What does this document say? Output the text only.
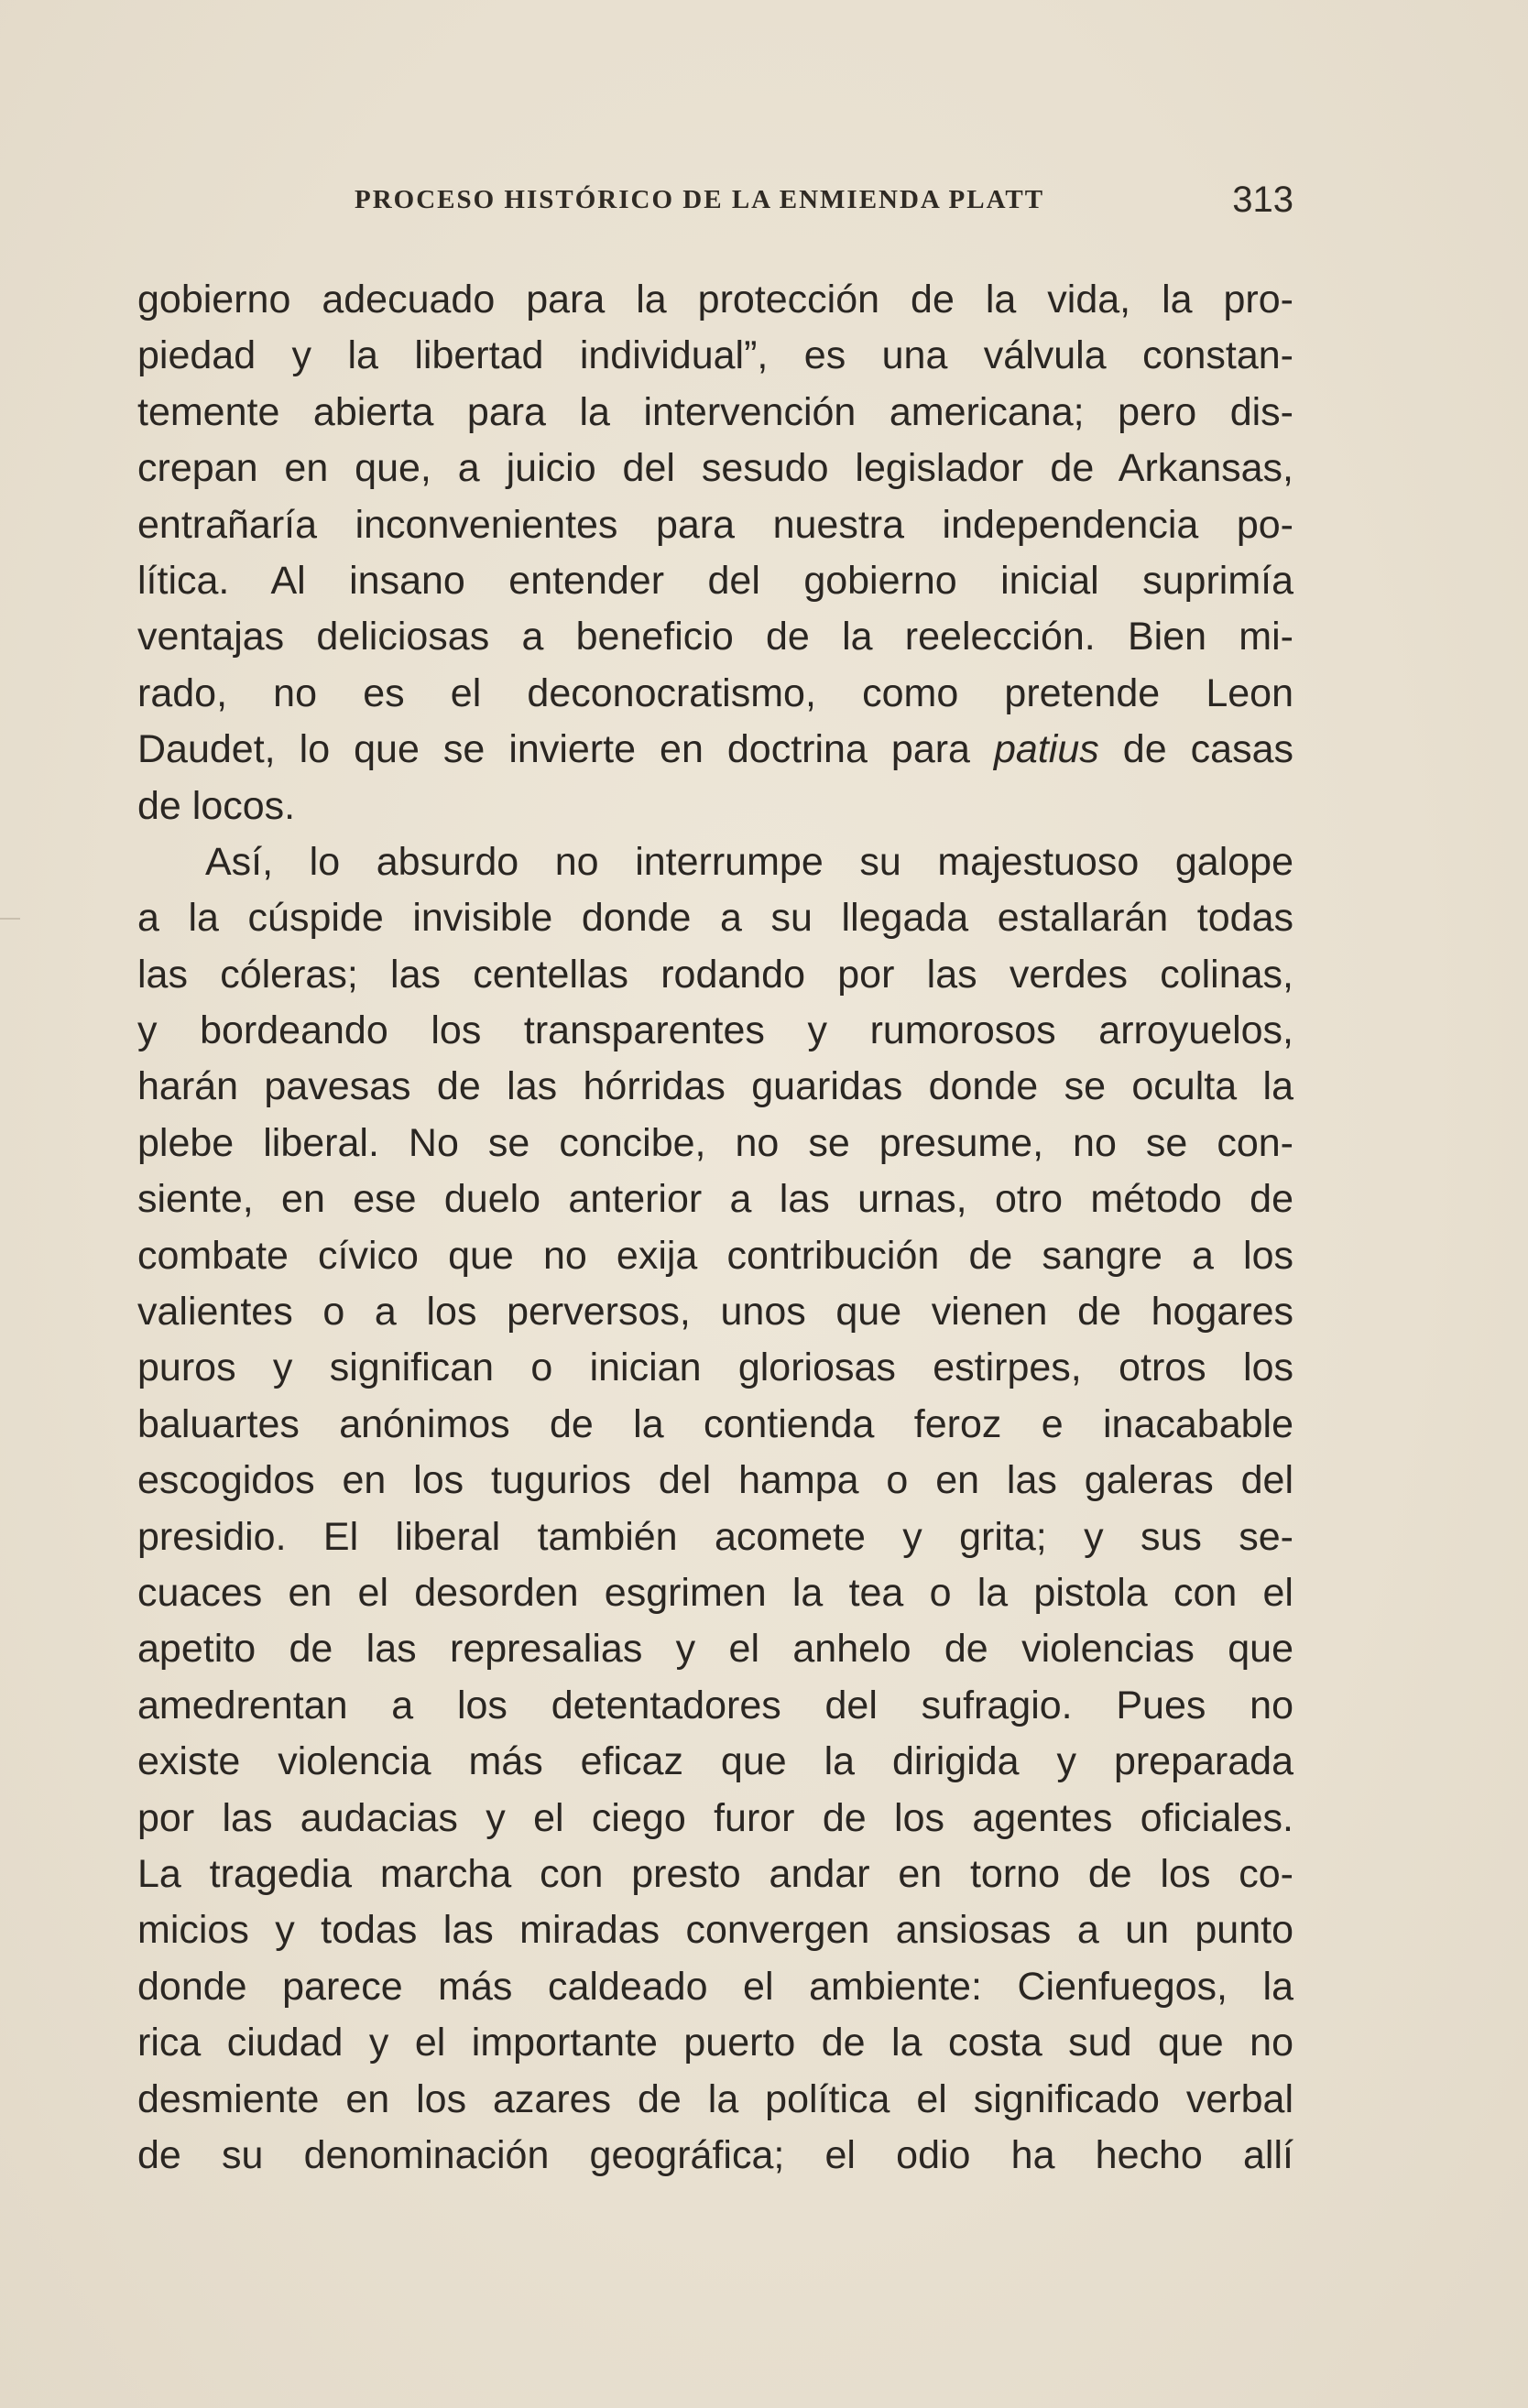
PROCESO HISTÓRICO DE LA ENMIENDA PLATT	313
gobierno adecuado para la protección de la vida, la pro-
piedad y la libertad individual”, es una válvula constan-
temente abierta para la intervención americana; pero dis-
crepan en que, a juicio del sesudo legislador de Arkansas,
entrañaría inconvenientes para nuestra independencia po-
lítica. Al insano entender del gobierno inicial suprimía
ventajas deliciosas a beneficio de la reelección. Bien mi-
rado, no es el deconocratismo, como pretende Leon
Daudet, lo que se invierte en doctrina para patius de casas
de locos.
Así, lo absurdo no interrumpe su majestuoso galope
a la cúspide invisible donde a su llegada estallarán todas
las cóleras; las centellas rodando por las verdes colinas,
y bordeando los transparentes y rumorosos arroyuelos,
harán pavesas de las hórridas guaridas donde se oculta la
plebe liberal. No se concibe, no se presume, no se con-
siente, en ese duelo anterior a las urnas, otro método de
combate cívico que no exija contribución de sangre a los
valientes o a los perversos, unos que vienen de hogares
puros y significan o inician gloriosas estirpes, otros los
baluartes anónimos de la contienda feroz e inacabable
escogidos en los tugurios del hampa o en las galeras del
presidio. El liberal también acomete y grita; y sus se-
cuaces en el desorden esgrimen la tea o la pistola con el
apetito de las represalias y el anhelo de violencias que
amedrentan a los detentadores del sufragio. Pues no
existe violencia más eficaz que la dirigida y preparada
por las audacias y el ciego furor de los agentes oficiales.
La tragedia marcha con presto andar en torno de los co-
micios y todas las miradas convergen ansiosas a un punto
donde parece más caldeado el ambiente: Cienfuegos, la
rica ciudad y el importante puerto de la costa sud que no
desmiente en los azares de la política el significado verbal
de su denominación geográfica; el odio ha hecho allí
